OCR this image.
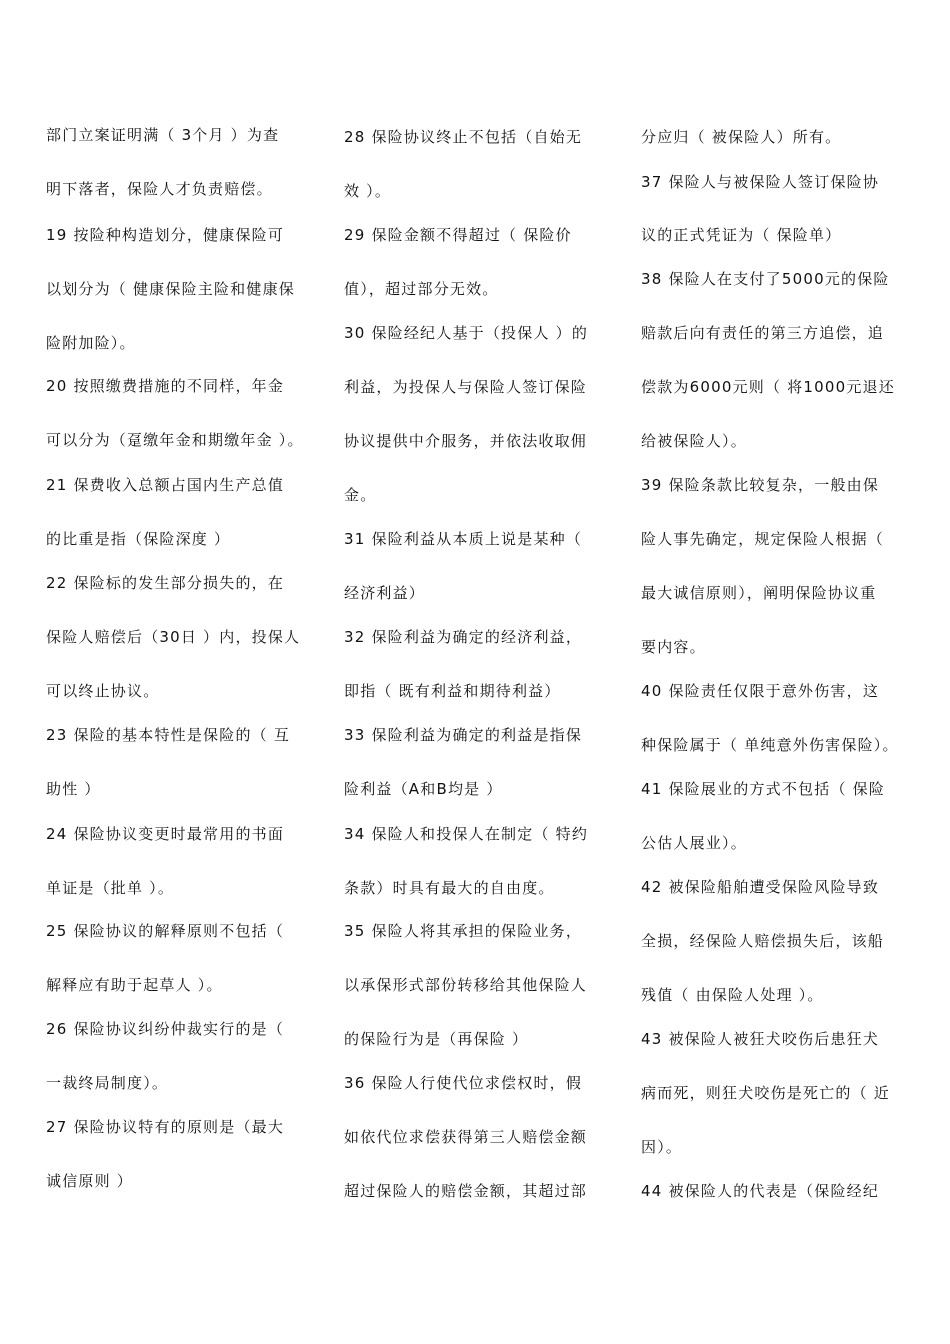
部门立案证明满（ 3个月 ）为查
明下落者，保险人才负责赔偿。
19 按险种构造划分，健康保险可
以划分为（ 健康保险主险和健康保
险附加险）。
20 按照缴费措施的不同样，年金
可以分为（趸缴年金和期缴年金 ）。
21 保费收入总额占国内生产总值
的比重是指（保险深度 ）
22 保险标的发生部分损失的，在
保险人赔偿后（30日 ）内，投保人
可以终止协议。
23 保险的基本特性是保险的（ 互
助性 ）
24 保险协议变更时最常用的书面
单证是（批单 ）。
25 保险协议的解释原则不包括（
解释应有助于起草人 ）。
26 保险协议纠纷仲裁实行的是（
一裁终局制度）。
27 保险协议特有的原则是（最大
诚信原则 ）
28 保险协议终止不包括（自始无
效 ）。
29 保险金额不得超过（ 保险价
值），超过部分无效。
30 保险经纪人基于（投保人 ）的
利益，为投保人与保险人签订保险
协议提供中介服务，并依法收取佣
金。
31 保险利益从本质上说是某种（
经济利益）
32 保险利益为确定的经济利益，
即指（ 既有利益和期待利益）
33 保险利益为确定的利益是指保
险利益（A和B均是 ）
34 保险人和投保人在制定（ 特约
条款）时具有最大的自由度。
35 保险人将其承担的保险业务，
以承保形式部份转移给其他保险人
的保险行为是（再保险 ）
36 保险人行使代位求偿权时，假
如依代位求偿获得第三人赔偿金额
超过保险人的赔偿金额，其超过部
分应归（ 被保险人）所有。
37 保险人与被保险人签订保险协
议的正式凭证为（ 保险单）
38 保险人在支付了5000元的保险
赔款后向有责任的第三方追偿，追
偿款为6000元则（ 将1000元退还
给被保险人）。
39 保险条款比较复杂，一般由保
险人事先确定，规定保险人根据（
最大诚信原则），阐明保险协议重
要内容。
40 保险责任仅限于意外伤害，这
种保险属于（ 单纯意外伤害保险）。
41 保险展业的方式不包括（ 保险
公估人展业）。
42 被保险船舶遭受保险风险导致
全损，经保险人赔偿损失后，该船
残值（ 由保险人处理 ）。
43 被保险人被狂犬咬伤后患狂犬
病而死，则狂犬咬伤是死亡的（ 近
因）。
44 被保险人的代表是（保险经纪
